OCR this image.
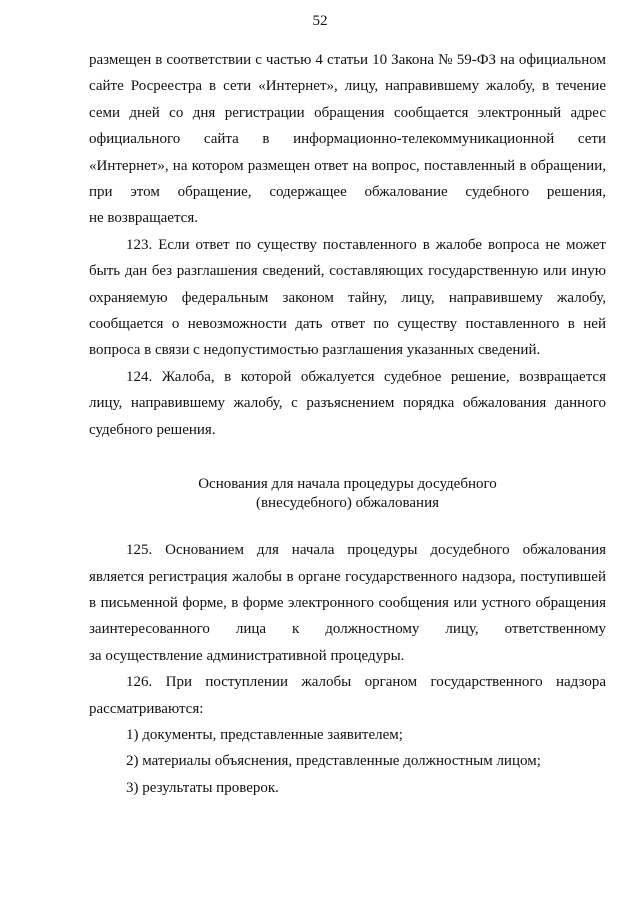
52
размещен в соответствии с частью 4 статьи 10 Закона № 59-ФЗ на официальном
сайте Росреестра в сети «Интернет», лицу, направившему жалобу, в течение
семи дней со дня регистрации обращения сообщается электронный адрес
официального сайта в информационно-телекоммуникационной сети
«Интернет», на котором размещен ответ на вопрос, поставленный в обращении,
при этом обращение, содержащее обжалование судебного решения,
не возвращается.
123. Если ответ по существу поставленного в жалобе вопроса не может
быть дан без разглашения сведений, составляющих государственную или иную
охраняемую федеральным законом тайну, лицу, направившему жалобу,
сообщается о невозможности дать ответ по существу поставленного в ней
вопроса в связи с недопустимостью разглашения указанных сведений.
124. Жалоба, в которой обжалуется судебное решение, возвращается
лицу, направившему жалобу, с разъяснением порядка обжалования данного
судебного решения.
Основания для начала процедуры досудебного
(внесудебного) обжалования
125. Основанием для начала процедуры досудебного обжалования
является регистрация жалобы в органе государственного надзора, поступившей
в письменной форме, в форме электронного сообщения или устного обращения
заинтересованного лица к должностному лицу, ответственному
за осуществление административной процедуры.
126. При поступлении жалобы органом государственного надзора
рассматриваются:
1) документы, представленные заявителем;
2) материалы объяснения, представленные должностным лицом;
3) результаты проверок.
